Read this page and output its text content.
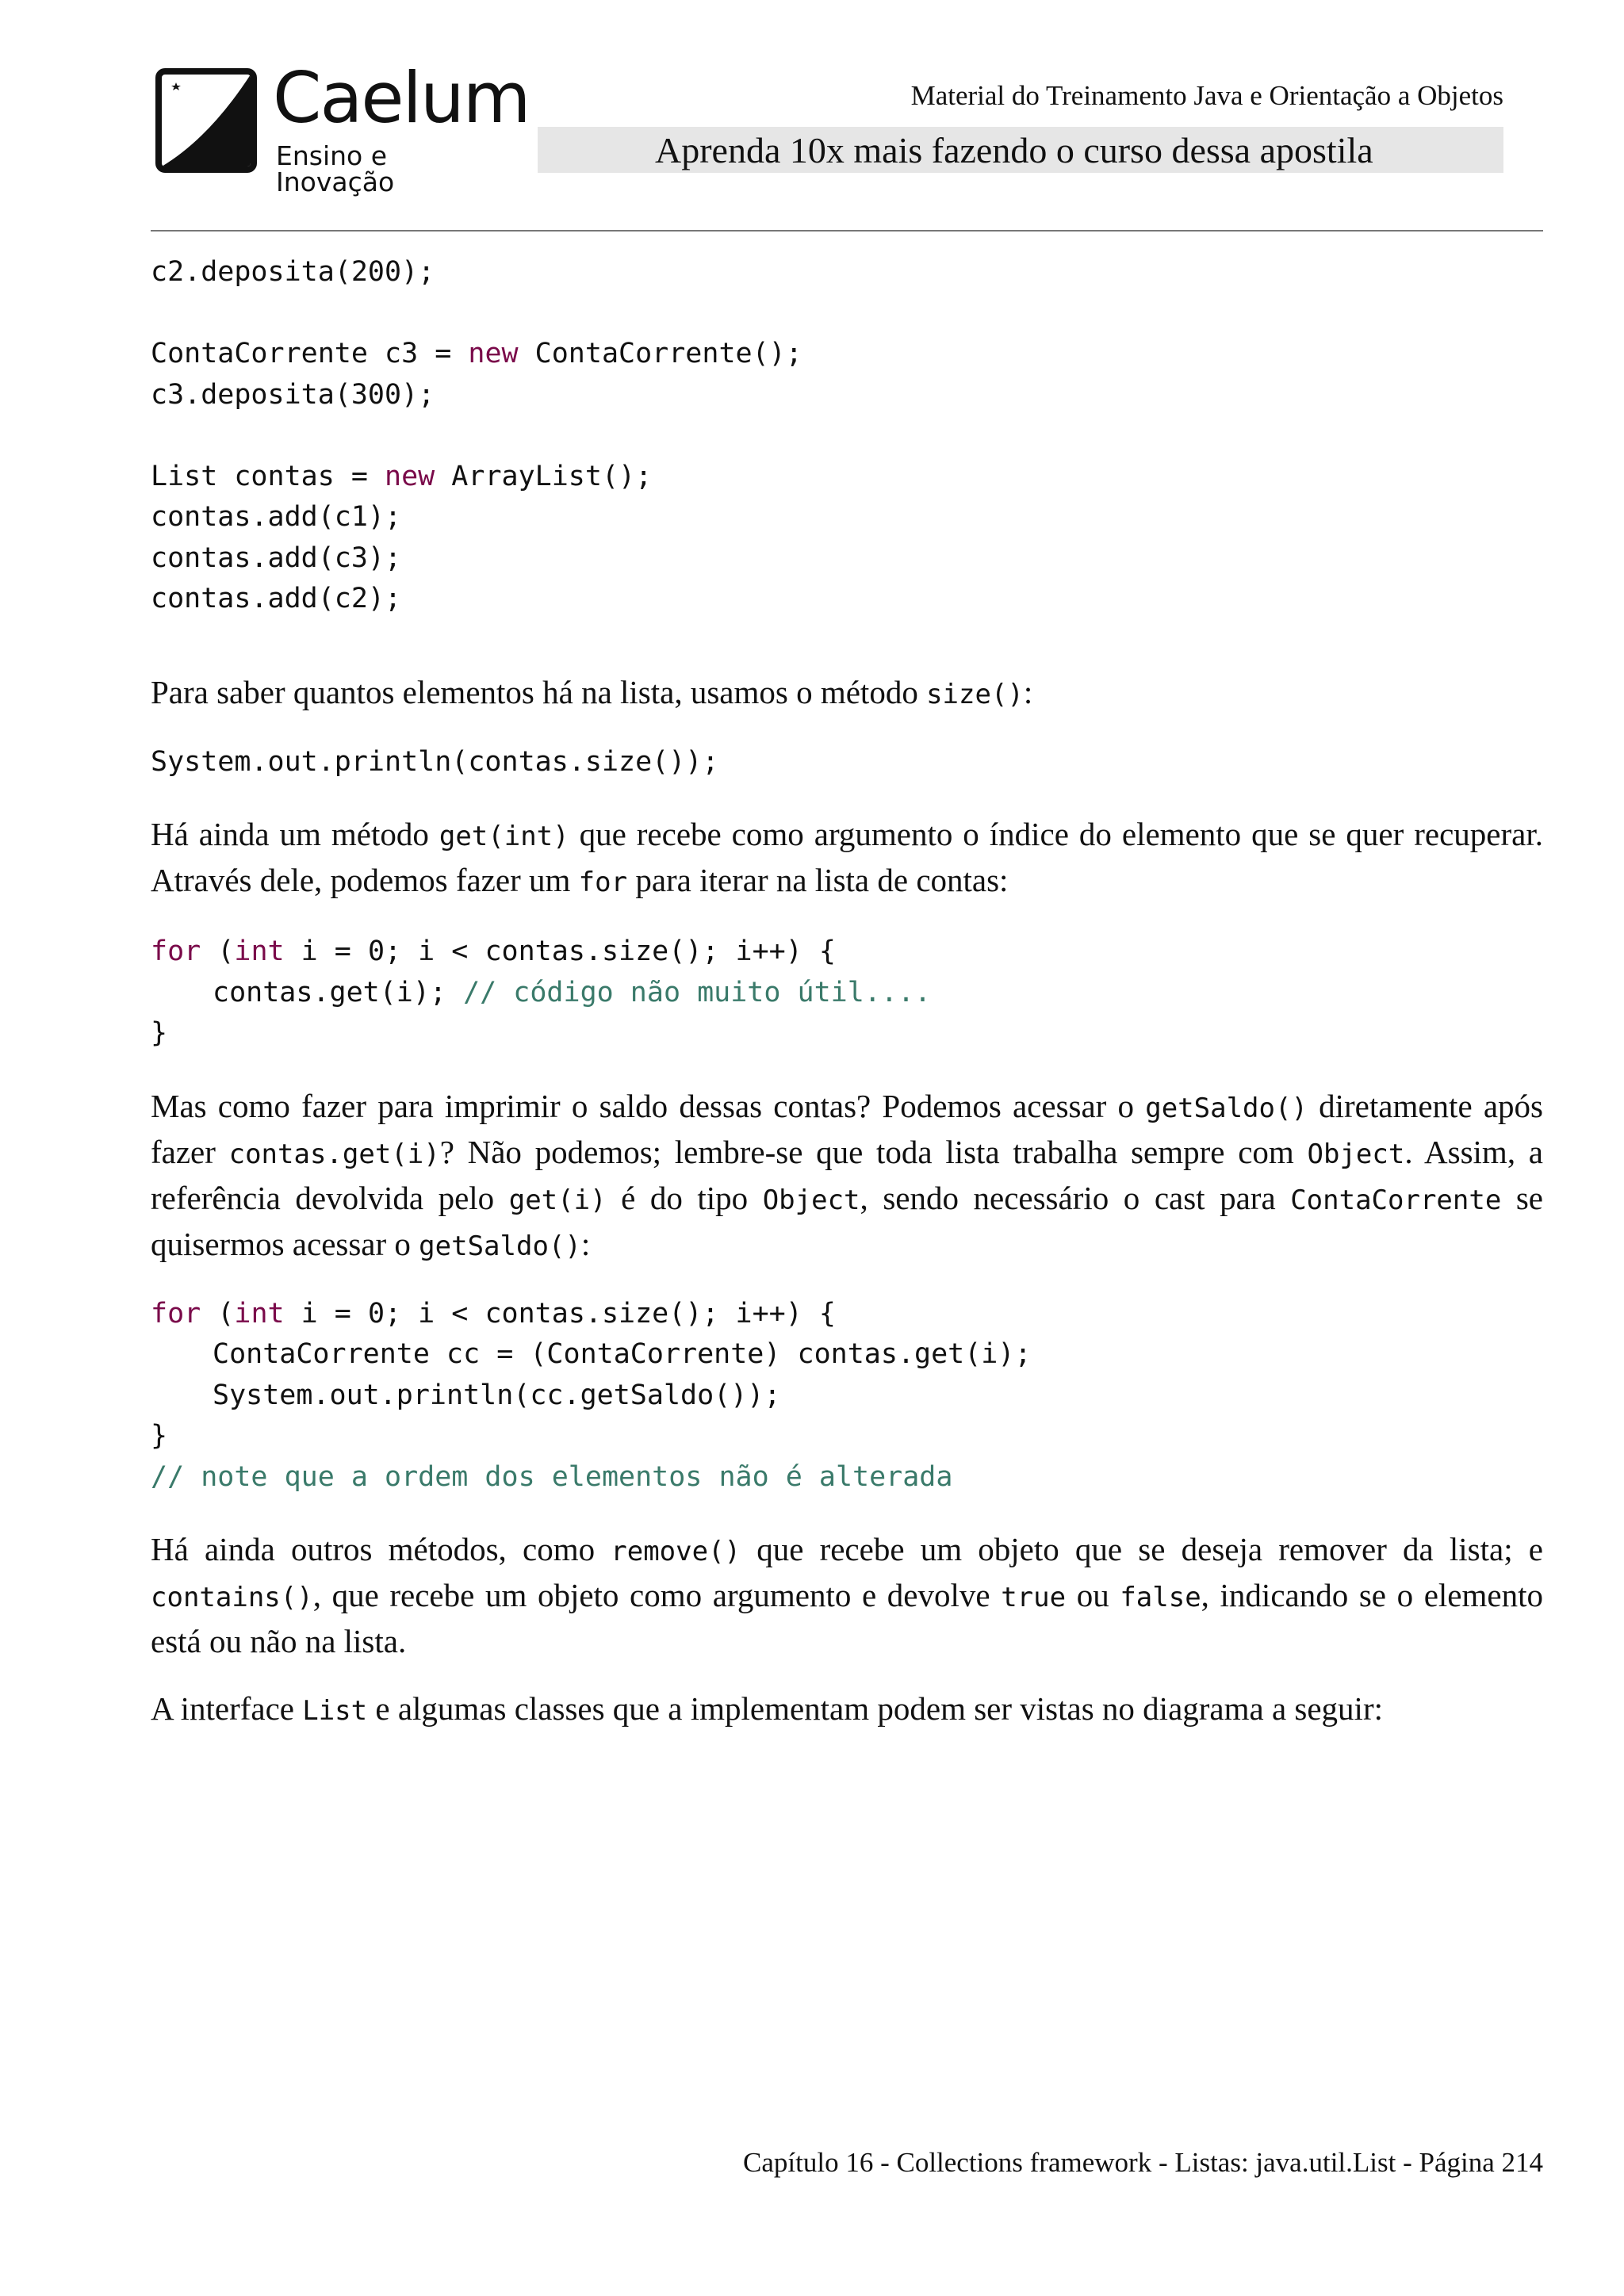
Caelum
Ensino e Inovação
Material do Treinamento Java e Orientação a Objetos
Aprenda 10x mais fazendo o curso dessa apostila
c2.deposita(200);
ContaCorrente c3 = new ContaCorrente();
c3.deposita(300);
List contas = new ArrayList();
contas.add(c1);
contas.add(c3);
contas.add(c2);

Para saber quantos elementos há na lista, usamos o método size():

System.out.println(contas.size());

Há ainda um método get(int) que recebe como argumento o índice do elemento que se quer recuperar. Através dele, podemos fazer um for para iterar na lista de contas:

for (int i = 0; i < contas.size(); i++) {
contas.get(i); // código não muito útil....
}

Mas como fazer para imprimir o saldo dessas contas? Podemos acessar o getSaldo() diretamente após fazer contas.get(i)? Não podemos; lembre-se que toda lista trabalha sempre com Object. Assim, a referência devolvida pelo get(i) é do tipo Object, sendo necessário o cast para ContaCorrente se quisermos acessar o getSaldo():

for (int i = 0; i < contas.size(); i++) {
ContaCorrente cc = (ContaCorrente) contas.get(i);
System.out.println(cc.getSaldo());
}
// note que a ordem dos elementos não é alterada

Há ainda outros métodos, como remove() que recebe um objeto que se deseja remover da lista; e contains(), que recebe um objeto como argumento e devolve true ou false, indicando se o elemento está ou não na lista.

A interface List e algumas classes que a implementam podem ser vistas no diagrama a seguir:

Capítulo 16 - Collections framework - Listas: java.util.List - Página 214
